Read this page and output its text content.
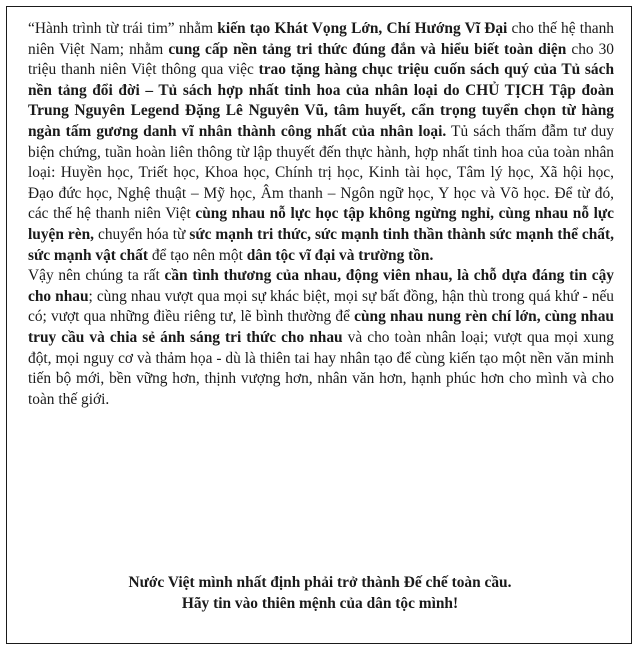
“Hành trình từ trái tim” nhằm kiến tạo Khát Vọng Lớn, Chí Hướng Vĩ Đại cho thế hệ thanh niên Việt Nam; nhằm cung cấp nền tảng tri thức đúng đắn và hiểu biết toàn diện cho 30 triệu thanh niên Việt thông qua việc trao tặng hàng chục triệu cuốn sách quý của Tủ sách nền tảng đổi đời – Tủ sách hợp nhất tinh hoa của nhân loại do CHỦ TỊCH Tập đoàn Trung Nguyên Legend Đặng Lê Nguyên Vũ, tâm huyết, cẩn trọng tuyển chọn từ hàng ngàn tấm gương danh vĩ nhân thành công nhất của nhân loại. Tủ sách thấm đẫm tư duy biện chứng, tuần hoàn liên thông từ lập thuyết đến thực hành, hợp nhất tinh hoa của toàn nhân loại: Huyền học, Triết học, Khoa học, Chính trị học, Kinh tài học, Tâm lý học, Xã hội học, Đạo đức học, Nghệ thuật – Mỹ học, Âm thanh – Ngôn ngữ học, Y học và Võ học. Để từ đó, các thế hệ thanh niên Việt cùng nhau nỗ lực học tập không ngừng nghỉ, cùng nhau nỗ lực luyện rèn, chuyển hóa từ sức mạnh tri thức, sức mạnh tinh thần thành sức mạnh thể chất, sức mạnh vật chất để tạo nên một dân tộc vĩ đại và trường tồn.

Vậy nên chúng ta rất cần tình thương của nhau, động viên nhau, là chỗ dựa đáng tin cậy cho nhau; cùng nhau vượt qua mọi sự khác biệt, mọi sự bất đồng, hận thù trong quá khứ - nếu có; vượt qua những điều riêng tư, lẽ bình thường để cùng nhau nung rèn chí lớn, cùng nhau truy cầu và chia sẻ ánh sáng tri thức cho nhau và cho toàn nhân loại; vượt qua mọi xung đột, mọi nguy cơ và thảm họa - dù là thiên tai hay nhân tạo để cùng kiến tạo một nền văn minh tiến bộ mới, bền vững hơn, thịnh vượng hơn, nhân văn hơn, hạnh phúc hơn cho mình và cho toàn thế giới.

Nước Việt mình nhất định phải trở thành Đế chế toàn cầu.
Hãy tin vào thiên mệnh của dân tộc mình!
